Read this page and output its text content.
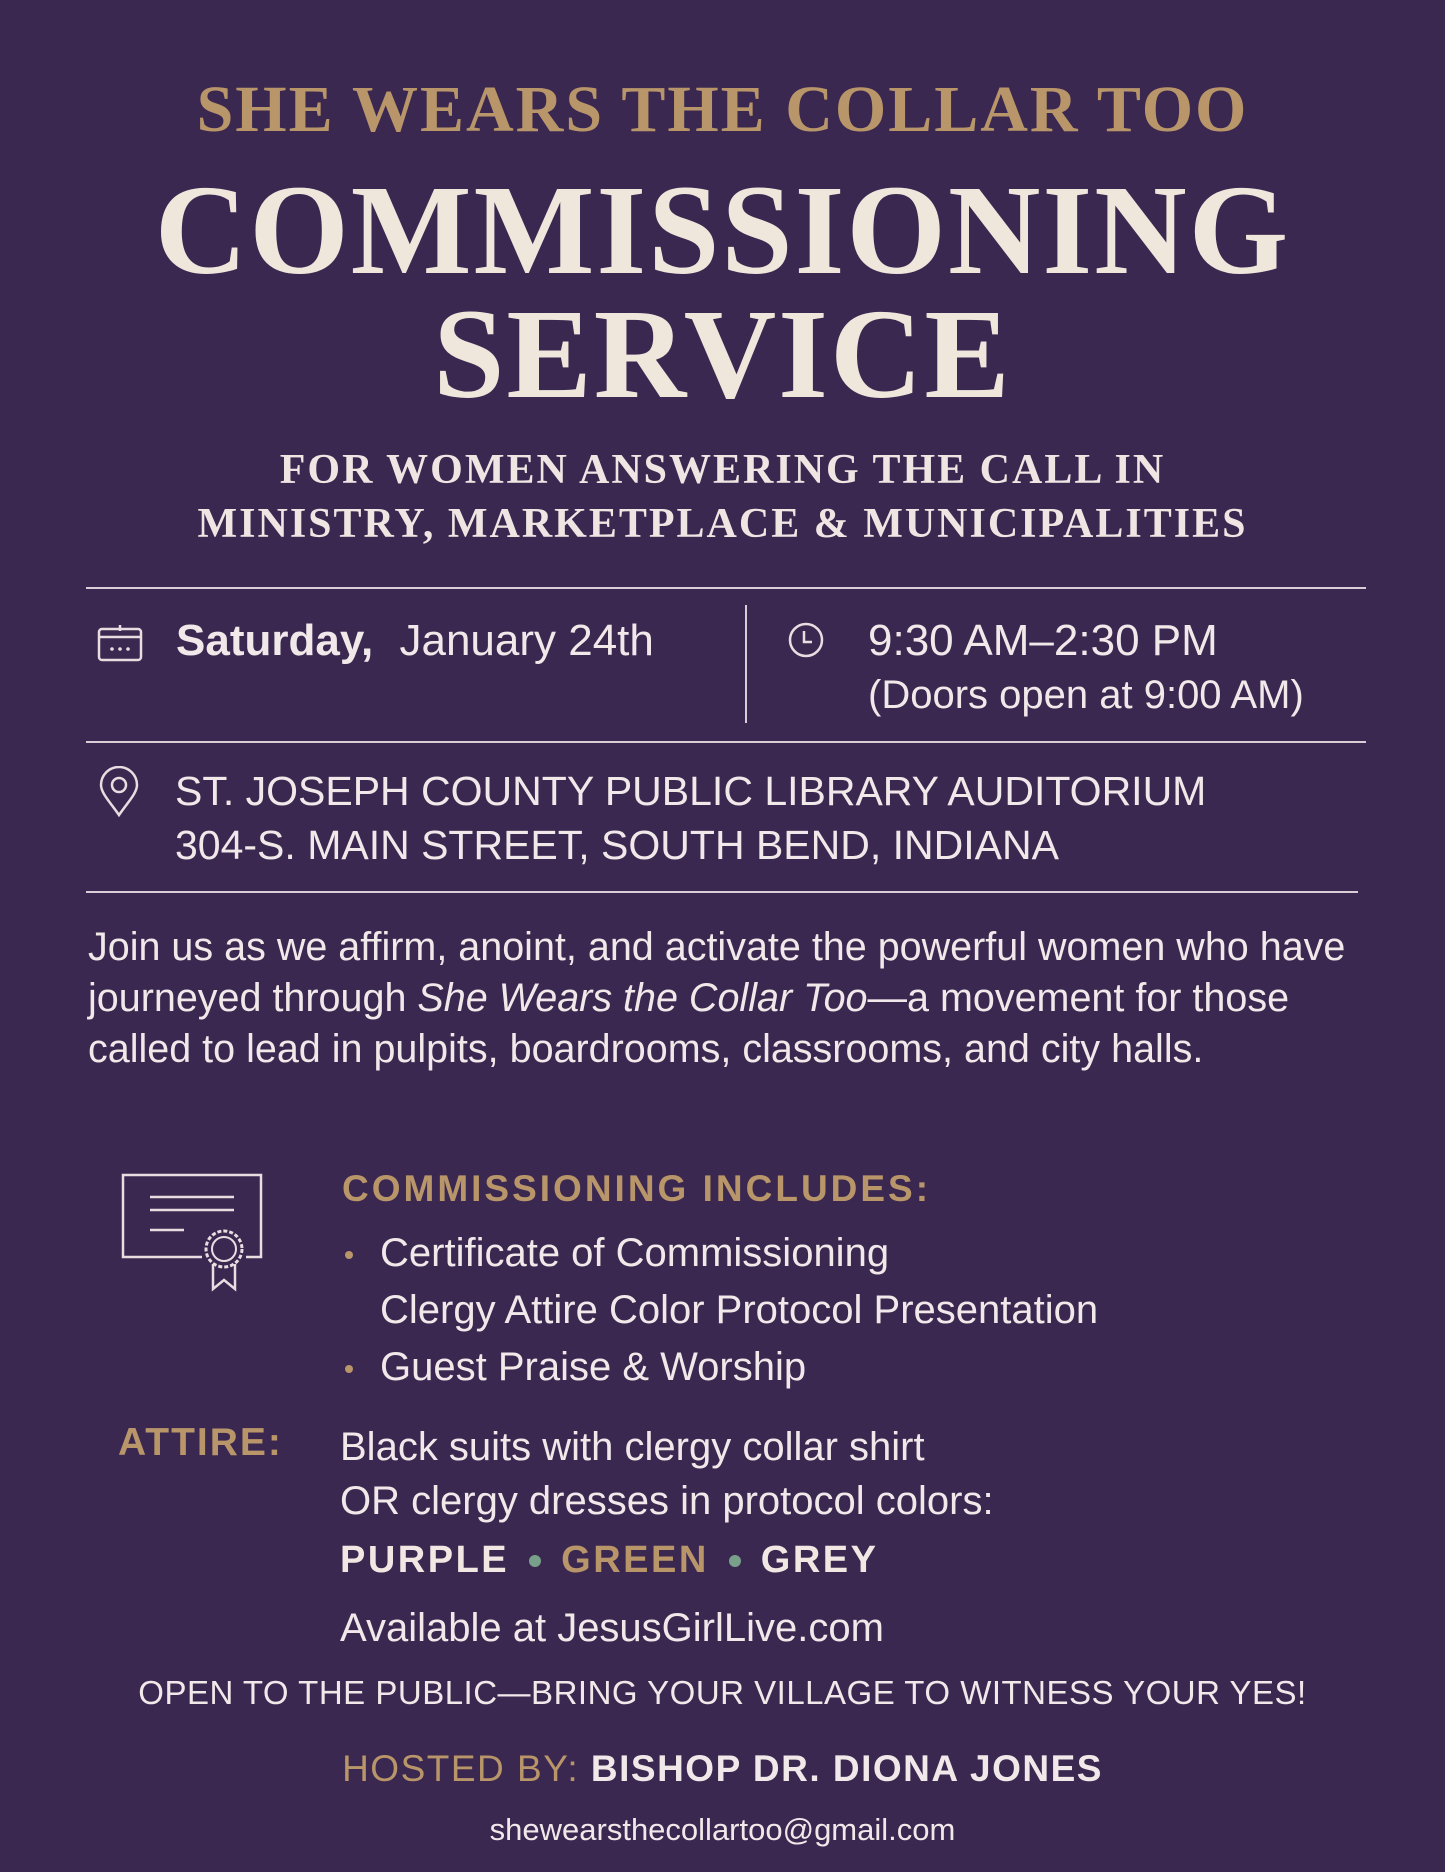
SHE WEARS THE COLLAR TOO
COMMISSIONING
SERVICE
FOR WOMEN ANSWERING THE CALL IN
MINISTRY, MARKETPLACE & MUNICIPALITIES
Saturday, January 24th	9:30 AM–2:30 PM
(Doors open at 9:00 AM)
ST. JOSEPH COUNTY PUBLIC LIBRARY AUDITORIUM
304-S. MAIN STREET, SOUTH BEND, INDIANA
Join us as we affirm, anoint, and activate the powerful women who have journeyed through She Wears the Collar Too—a movement for those called to lead in pulpits, boardrooms, classrooms, and city halls.
COMMISSIONING INCLUDES:
Certificate of Commissioning
Clergy Attire Color Protocol Presentation
Guest Praise & Worship
ATTIRE: Black suits with clergy collar shirt
OR clergy dresses in protocol colors:
PURPLE GREEN GREY
Available at JesusGirlLive.com
OPEN TO THE PUBLIC—BRING YOUR VILLAGE TO WITNESS YOUR YES!
HOSTED BY: BISHOP DR. DIONA JONES
shewearsthecollartoo@gmail.com
